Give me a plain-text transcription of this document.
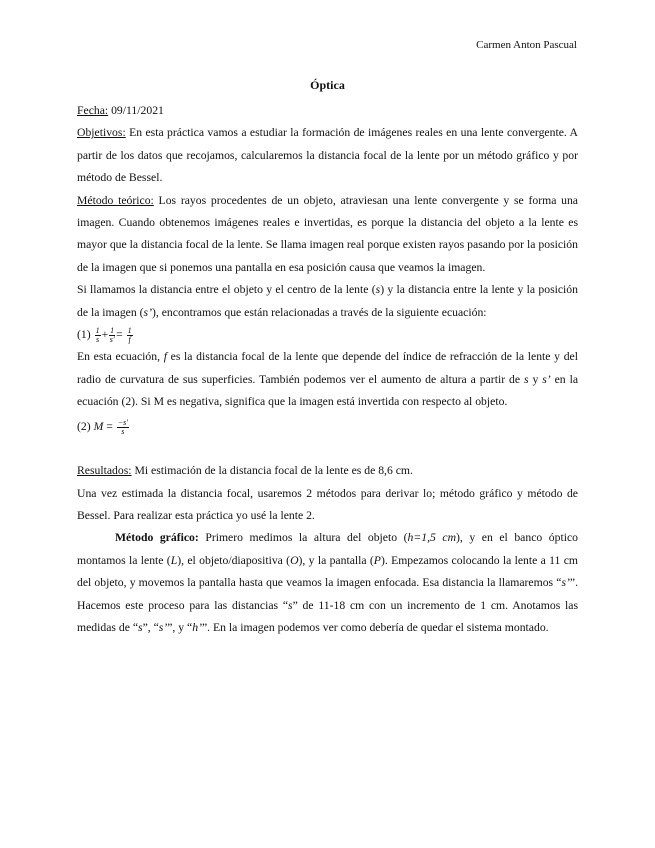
Carmen Anton Pascual
Óptica

Fecha: 09/11/2021

Objetivos: En esta práctica vamos a estudiar la formación de imágenes reales en una lente convergente. A partir de los datos que recojamos, calcularemos la distancia focal de la lente por un método gráfico y por método de Bessel.

Método teórico: Los rayos procedentes de un objeto, atraviesan una lente convergente y se forma una imagen. Cuando obtenemos imágenes reales e invertidas, es porque la distancia del objeto a la lente es mayor que la distancia focal de la lente. Se llama imagen real porque existen rayos pasando por la posición de la imagen que si ponemos una pantalla en esa posición causa que veamos la imagen.

Si llamamos la distancia entre el objeto y el centro de la lente (s) y la distancia entre la lente y la posición de la imagen (s’), encontramos que están relacionadas a través de la siguiente ecuación:

$(1) \frac{1}{s} + \frac{1}{s'} = \frac{1}{f}$

En esta ecuación, f es la distancia focal de la lente que depende del índice de refracción de la lente y del radio de curvatura de sus superficies. También podemos ver el aumento de altura a partir de s y s’ en la ecuación (2). Si M es negativa, significa que la imagen está invertida con respecto al objeto.

(2) $M = \frac{-s'}{s}$

Resultados: Mi estimación de la distancia focal de la lente es de 8,6 cm.

Una vez estimada la distancia focal, usaremos 2 métodos para derivar lo; método gráfico y método de Bessel. Para realizar esta práctica yo usé la lente 2.

Método gráfico: Primero medimos la altura del objeto (h=1,5 cm), y en el banco óptico montamos la lente (L), el objeto/diapositiva (O), y la pantalla (P). Empezamos colocando la lente a 11 cm del objeto, y movemos la pantalla hasta que veamos la imagen enfocada. Esa distancia la llamaremos “s’”. Hacemos este proceso para las distancias “s” de 11-18 cm con un incremento de 1 cm. Anotamos las medidas de “s”, “s’”, y “h’”. En la imagen podemos ver como debería de quedar el sistema montado.
